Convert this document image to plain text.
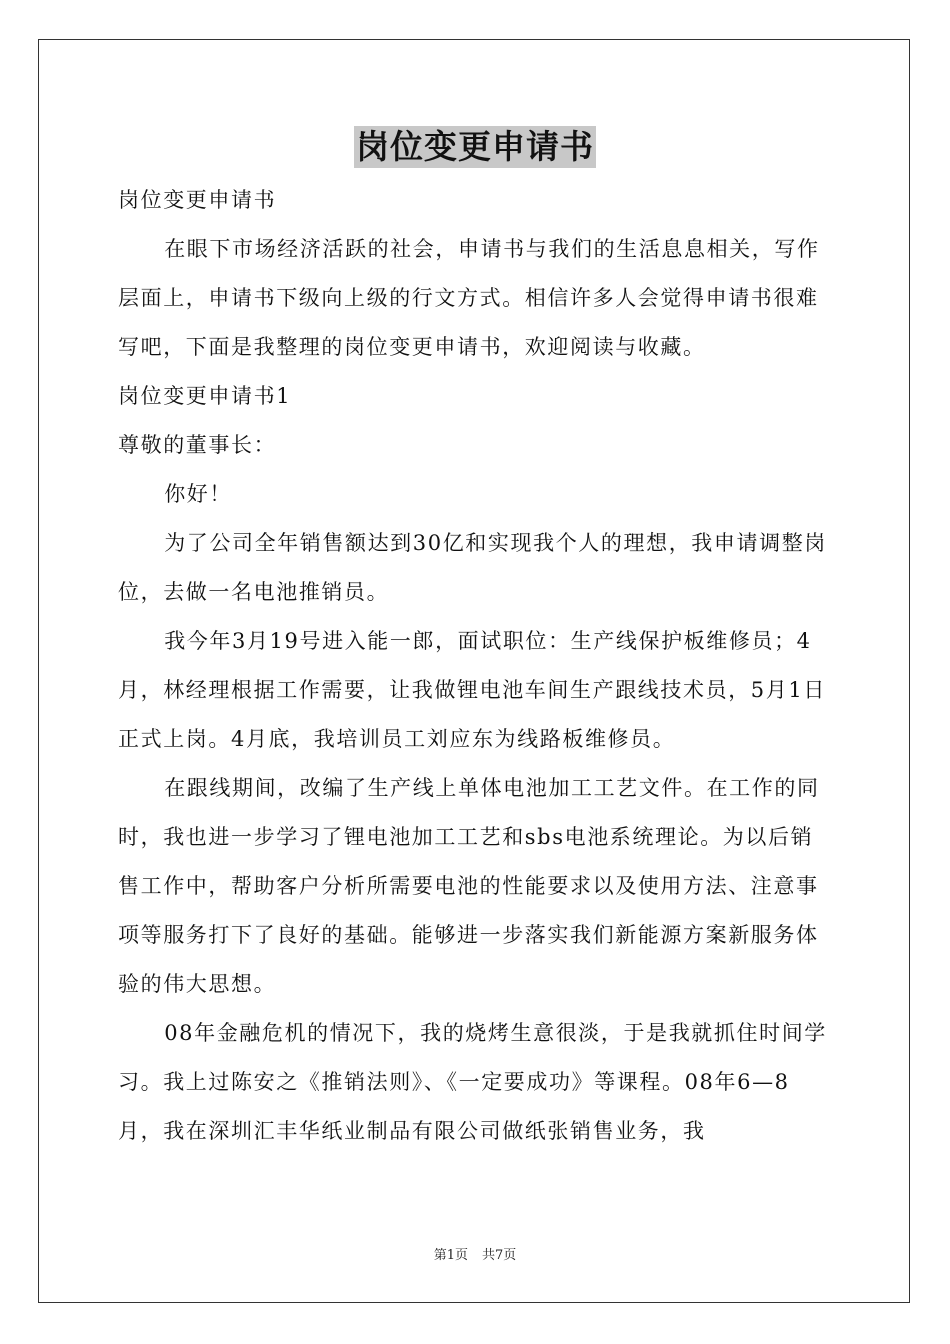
岗位变更申请书

岗位变更申请书

在眼下市场经济活跃的社会，申请书与我们的生活息息相关，写作层面上，申请书下级向上级的行文方式。相信许多人会觉得申请书很难写吧，下面是我整理的岗位变更申请书，欢迎阅读与收藏。

岗位变更申请书1

尊敬的董事长：

你好！

为了公司全年销售额达到30亿和实现我个人的理想，我申请调整岗位，去做一名电池推销员。

我今年3月19号进入能一郎，面试职位：生产线保护板维修员；4月，林经理根据工作需要，让我做锂电池车间生产跟线技术员，5月1日正式上岗。4月底，我培训员工刘应东为线路板维修员。

在跟线期间，改编了生产线上单体电池加工工艺文件。在工作的同时，我也进一步学习了锂电池加工工艺和sbs电池系统理论。为以后销售工作中，帮助客户分析所需要电池的性能要求以及使用方法、注意事项等服务打下了良好的基础。能够进一步落实我们新能源方案新服务体验的伟大思想。

08年金融危机的情况下，我的烧烤生意很淡，于是我就抓住时间学习。我上过陈安之《推销法则》、《一定要成功》等课程。08年6—8月，我在深圳汇丰华纸业制品有限公司做纸张销售业务，我

第1页 共7页
